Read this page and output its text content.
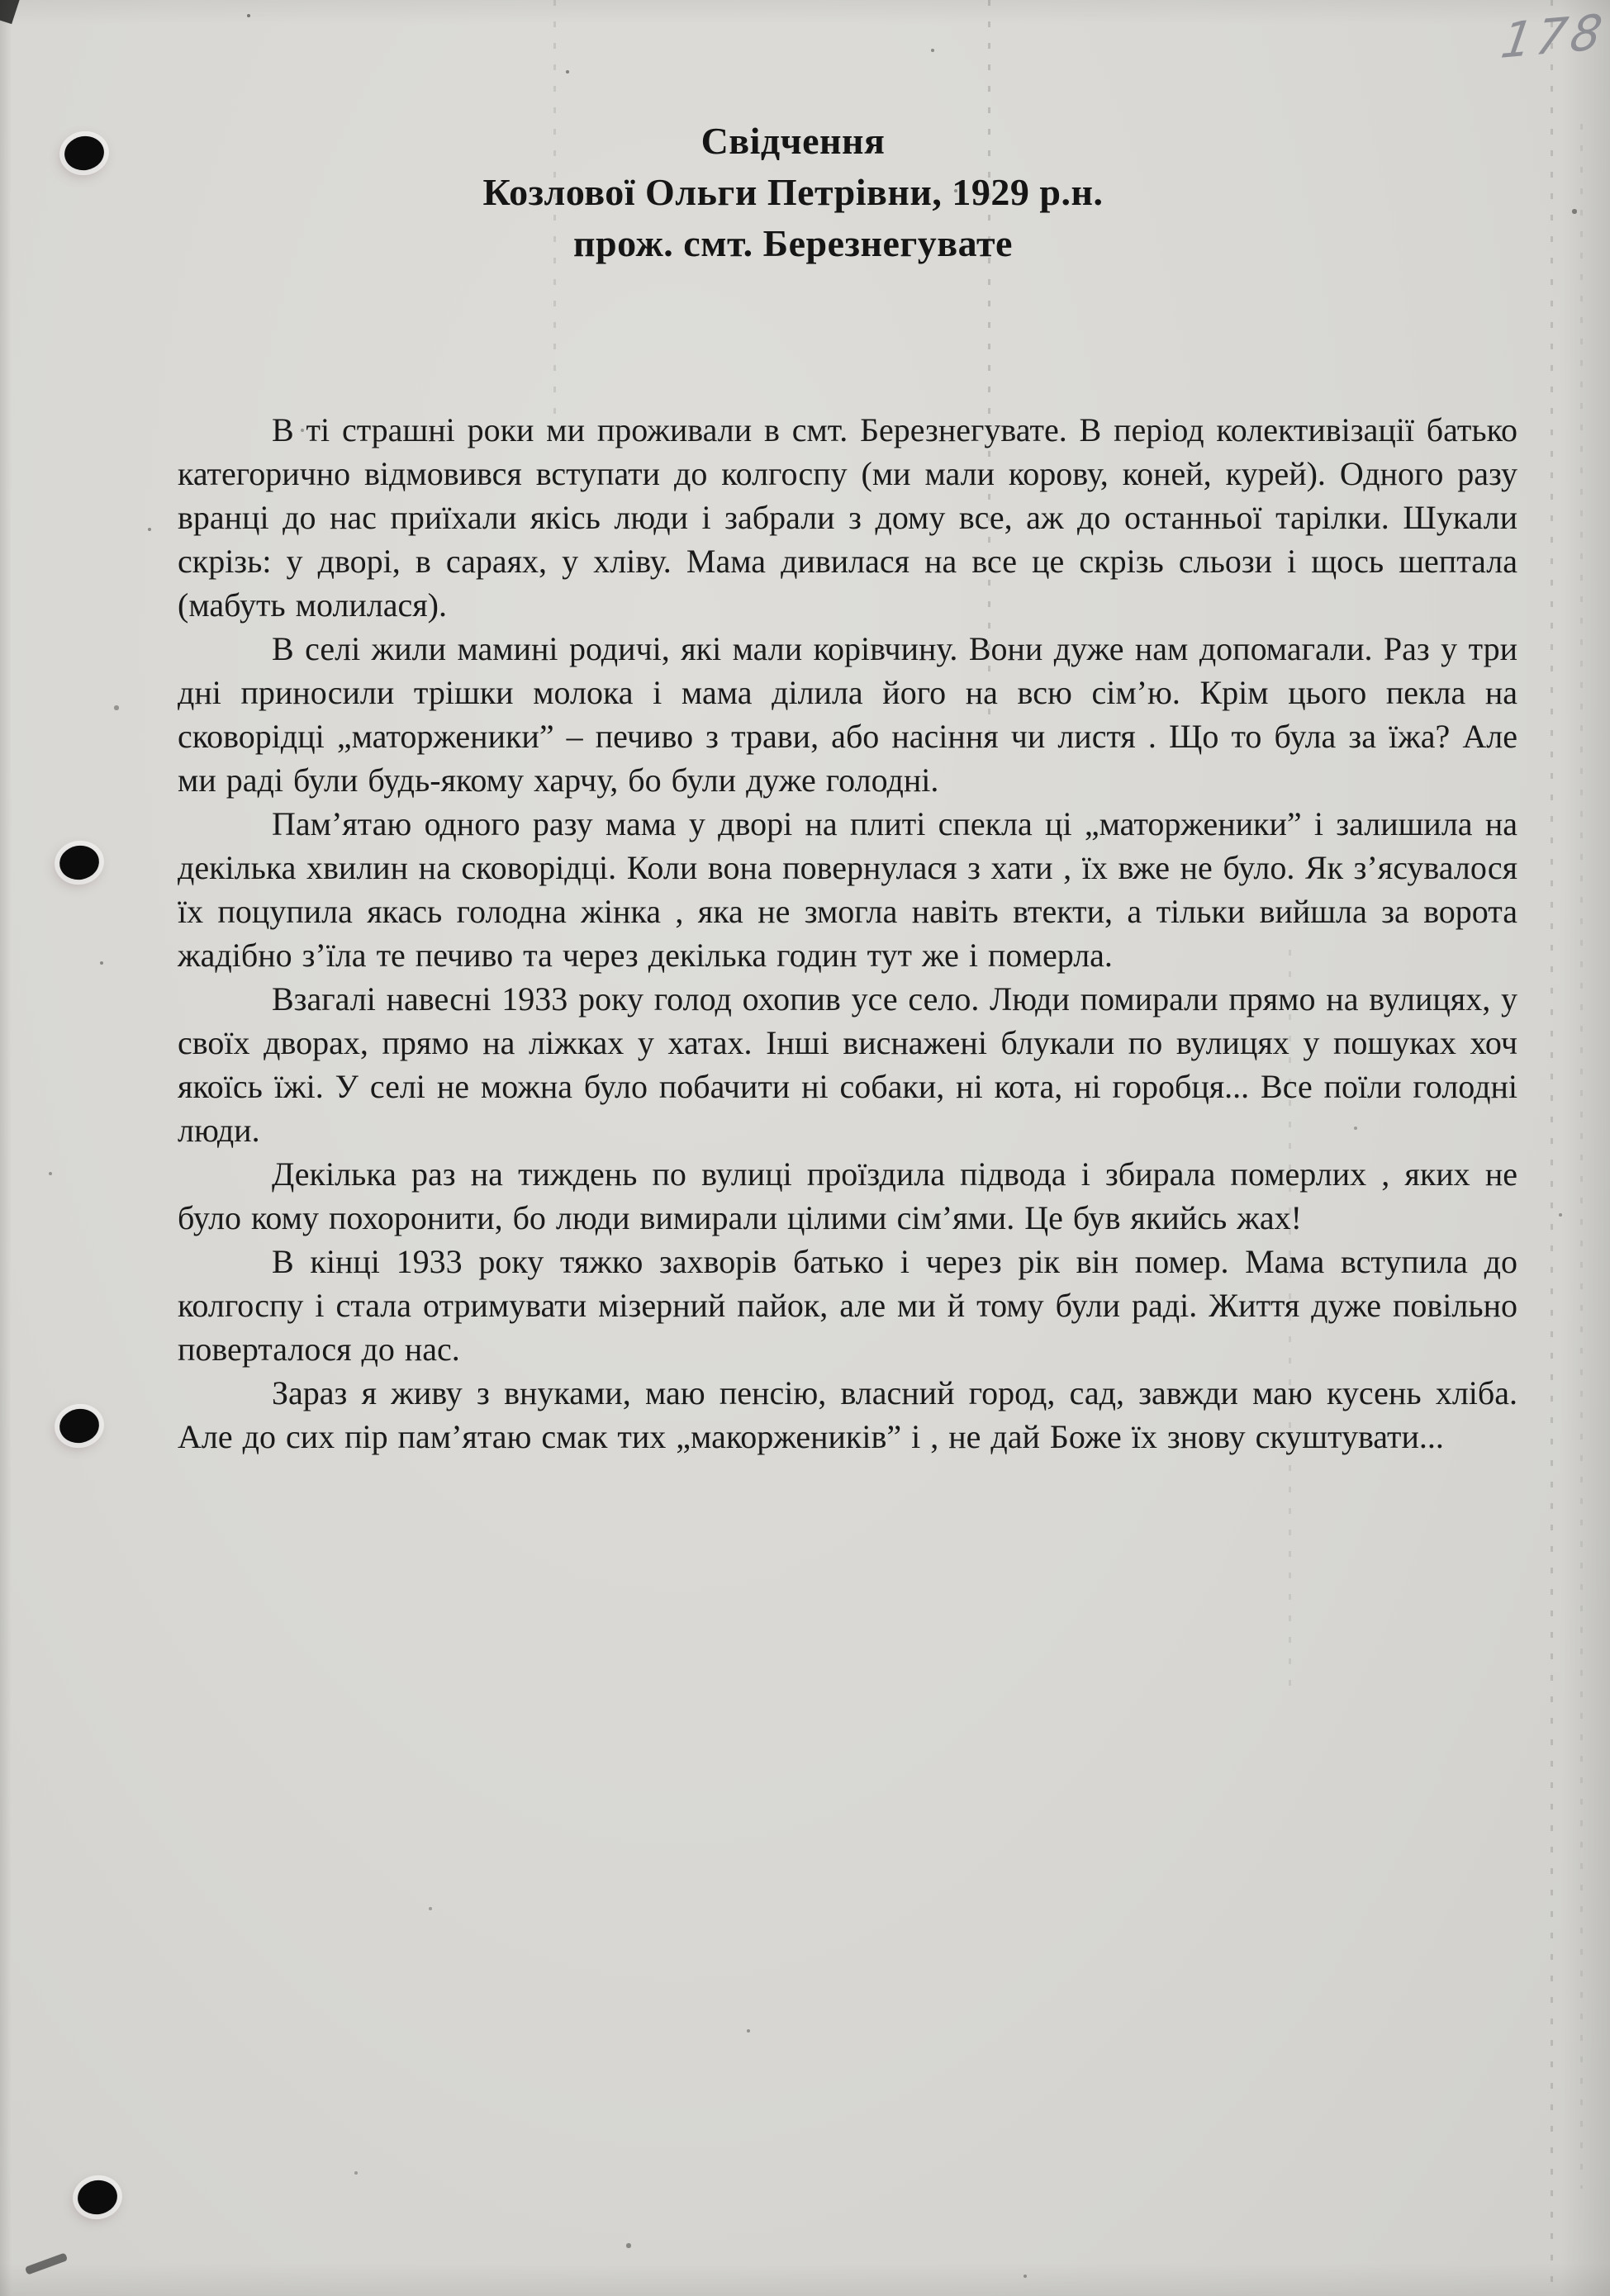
178
Свідчення
Козлової Ольги Петрівни, 1929 р.н.
прож. смт. Березнегувате

В ті страшні роки ми проживали в смт. Березнегувате. В період колективізації батько категорично відмовився вступати до колгоспу (ми мали корову, коней, курей). Одного разу вранці до нас приїхали якісь люди і забрали з дому все, аж до останньої тарілки. Шукали скрізь: у дворі, в сараях, у хліву. Мама дивилася на все це скрізь сльози і щось шептала (мабуть молилася).

В селі жили мамині родичі, які мали корівчину. Вони дуже нам допомагали. Раз у три дні приносили трішки молока і мама ділила його на всю сім’ю. Крім цього пекла на сковорідці „маторженики” – печиво з трави, або насіння чи листя . Що то була за їжа? Але ми раді були будь-якому харчу, бо були дуже голодні.

Пам’ятаю одного разу мама у дворі на плиті спекла ці „маторженики” і залишила на декілька хвилин на сковорідці. Коли вона повернулася з хати , їх вже не було. Як з’ясувалося їх поцупила якась голодна жінка , яка не змогла навіть втекти, а тільки вийшла за ворота жадібно з’їла те печиво та через декілька годин тут же і померла.

Взагалі навесні 1933 року голод охопив усе село. Люди помирали прямо на вулицях, у своїх дворах, прямо на ліжках у хатах. Інші виснажені блукали по вулицях у пошуках хоч якоїсь їжі. У селі не можна було побачити ні собаки, ні кота, ні горобця... Все поїли голодні люди.

Декілька раз на тиждень по вулиці проїздила підвода і збирала померлих , яких не було кому похоронити, бо люди вимирали цілими сім’ями. Це був якийсь жах!

В кінці 1933 року тяжко захворів батько і через рік він помер. Мама вступила до колгоспу і стала отримувати мізерний пайок, але ми й тому були раді. Життя дуже повільно поверталося до нас.

Зараз я живу з внуками, маю пенсію, власний город, сад, завжди маю кусень хліба. Але до сих пір пам’ятаю смак тих „макоржеників” і , не дай Боже їх знову скуштувати...
